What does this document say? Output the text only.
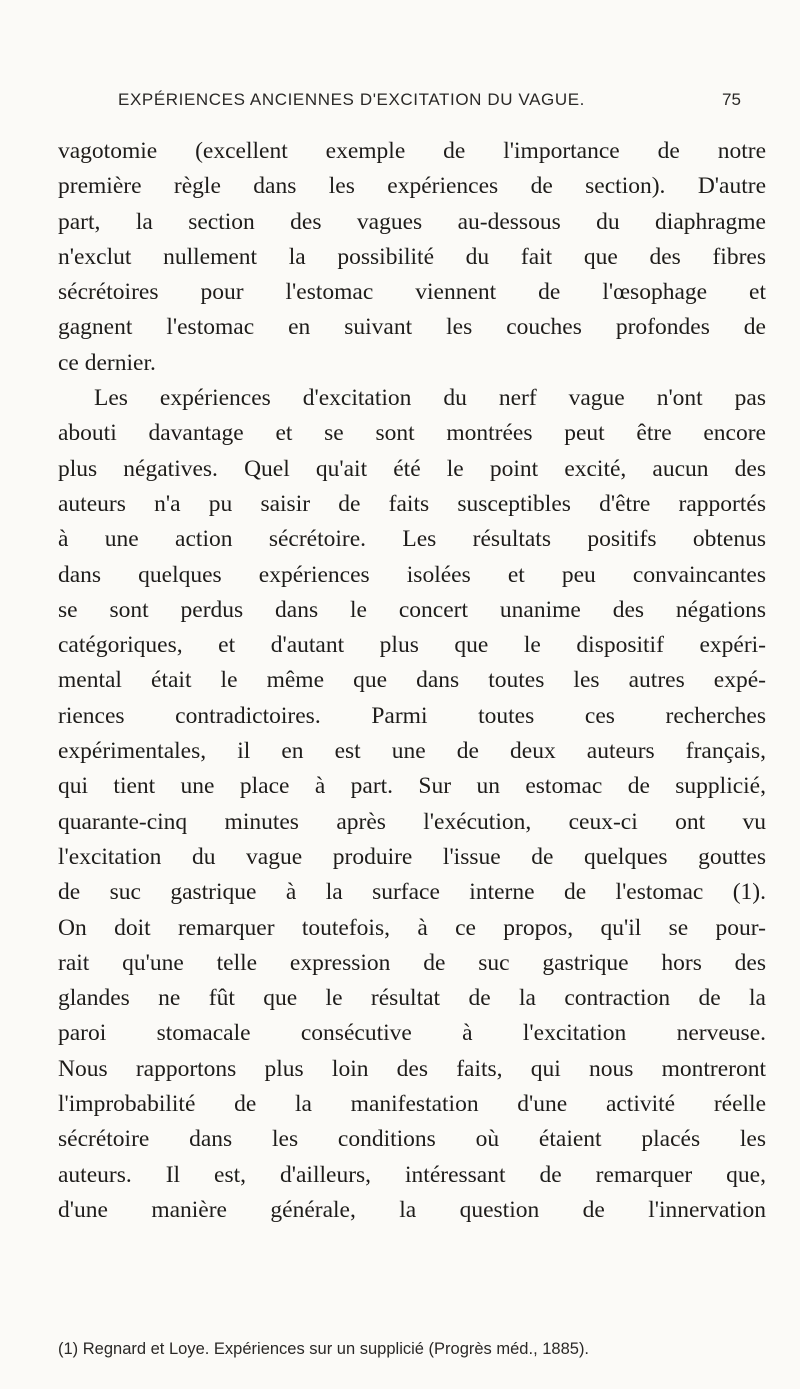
EXPÉRIENCES ANCIENNES D'EXCITATION DU VAGUE.	75
vagotomie (excellent exemple de l'importance de notre
première règle dans les expériences de section). D'autre
part, la section des vagues au-dessous du diaphragme
n'exclut nullement la possibilité du fait que des fibres
sécrétoires pour l'estomac viennent de l'œsophage et
gagnent l'estomac en suivant les couches profondes de
ce dernier.
Les expériences d'excitation du nerf vague n'ont pas
abouti davantage et se sont montrées peut être encore
plus négatives. Quel qu'ait été le point excité, aucun des
auteurs n'a pu saisir de faits susceptibles d'être rapportés
à une action sécrétoire. Les résultats positifs obtenus
dans quelques expériences isolées et peu convaincantes
se sont perdus dans le concert unanime des négations
catégoriques, et d'autant plus que le dispositif expéri-
mental était le même que dans toutes les autres expé-
riences contradictoires. Parmi toutes ces recherches
expérimentales, il en est une de deux auteurs français,
qui tient une place à part. Sur un estomac de supplicié,
quarante-cinq minutes après l'exécution, ceux-ci ont vu
l'excitation du vague produire l'issue de quelques gouttes
de suc gastrique à la surface interne de l'estomac (1).
On doit remarquer toutefois, à ce propos, qu'il se pour-
rait qu'une telle expression de suc gastrique hors des
glandes ne fût que le résultat de la contraction de la
paroi stomacale consécutive à l'excitation nerveuse.
Nous rapportons plus loin des faits, qui nous montreront
l'improbabilité de la manifestation d'une activité réelle
sécrétoire dans les conditions où étaient placés les
auteurs. Il est, d'ailleurs, intéressant de remarquer que,
d'une manière générale, la question de l'innervation
(1) Regnard et Loye. Expériences sur un supplicié (Progrès méd., 1885).
